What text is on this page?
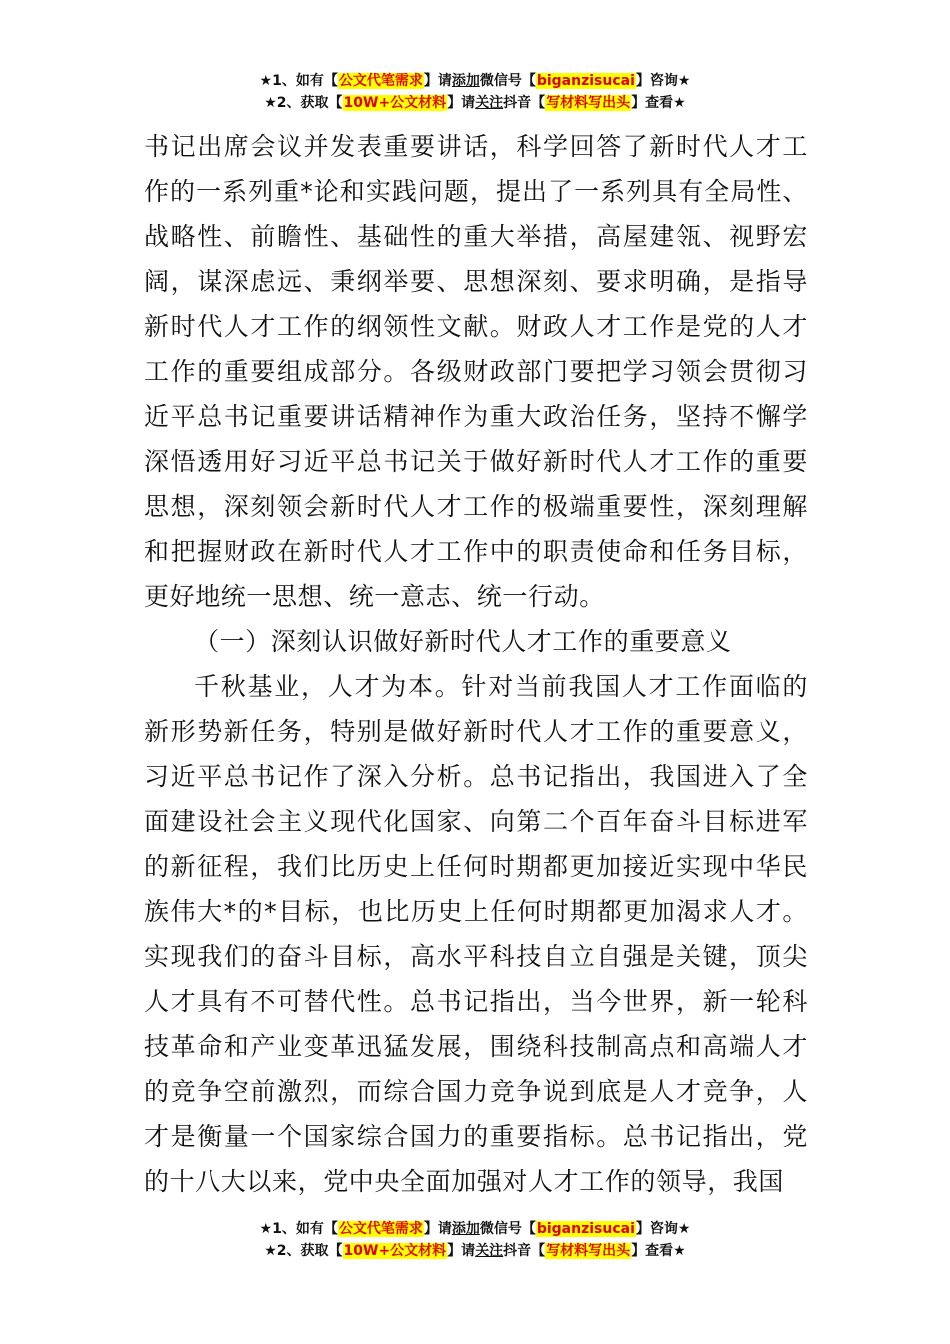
★1、如有【公文代笔需求】请添加微信号【biganzisucai】咨询★
★2、获取【10W+公文材料】请关注抖音【写材料写出头】查看★

书记出席会议并发表重要讲话，科学回答了新时代人才工作的一系列重*论和实践问题，提出了一系列具有全局性、战略性、前瞻性、基础性的重大举措，高屋建瓴、视野宏阔，谋深虑远、秉纲举要、思想深刻、要求明确，是指导新时代人才工作的纲领性文献。财政人才工作是党的人才工作的重要组成部分。各级财政部门要把学习领会贯彻习近平总书记重要讲话精神作为重大政治任务，坚持不懈学深悟透用好习近平总书记关于做好新时代人才工作的重要思想，深刻领会新时代人才工作的极端重要性，深刻理解和把握财政在新时代人才工作中的职责使命和任务目标，更好地统一思想、统一意志、统一行动。

（一）深刻认识做好新时代人才工作的重要意义

千秋基业，人才为本。针对当前我国人才工作面临的新形势新任务，特别是做好新时代人才工作的重要意义，习近平总书记作了深入分析。总书记指出，我国进入了全面建设社会主义现代化国家、向第二个百年奋斗目标进军的新征程，我们比历史上任何时期都更加接近实现中华民族伟大*的*目标，也比历史上任何时期都更加渴求人才。实现我们的奋斗目标，高水平科技自立自强是关键，顶尖人才具有不可替代性。总书记指出，当今世界，新一轮科技革命和产业变革迅猛发展，围绕科技制高点和高端人才的竞争空前激烈，而综合国力竞争说到底是人才竞争，人才是衡量一个国家综合国力的重要指标。总书记指出，党的十八大以来，党中央全面加强对人才工作的领导，我国

★1、如有【公文代笔需求】请添加微信号【biganzisucai】咨询★
★2、获取【10W+公文材料】请关注抖音【写材料写出头】查看★
